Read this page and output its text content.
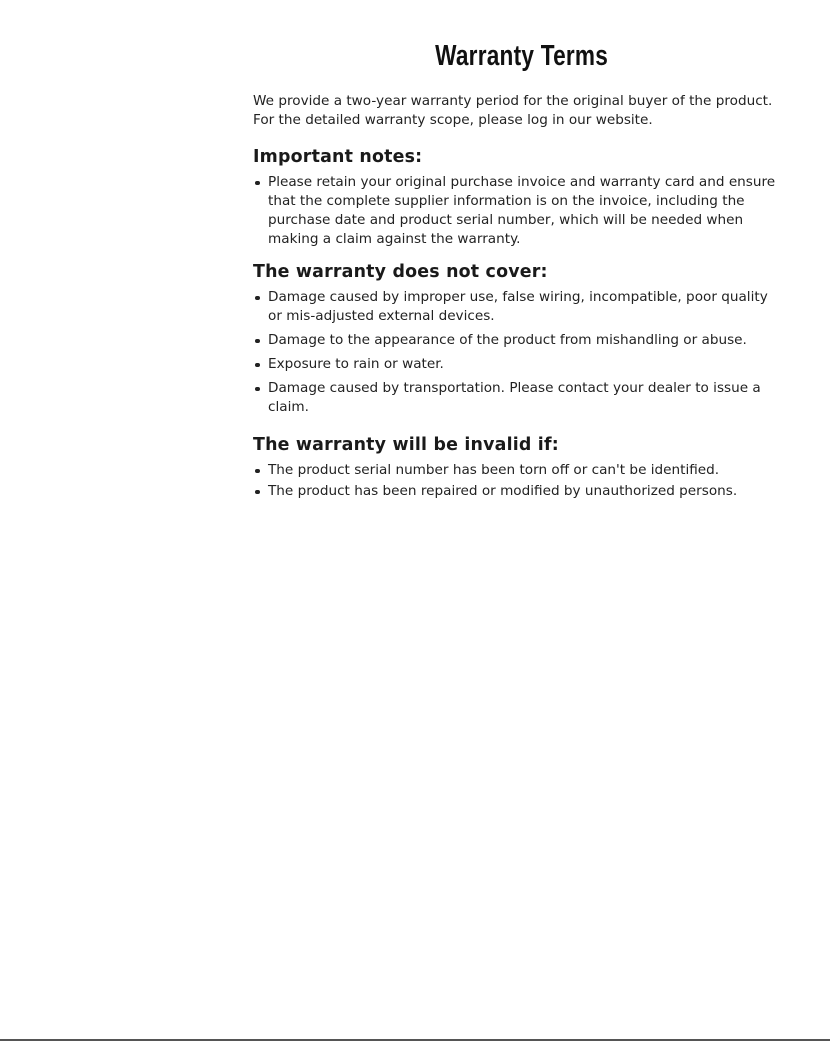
Warranty Terms

We provide a two-year warranty period for the original buyer of the product.

For the detailed warranty scope, please log in our website.

Important notes:
Please retain your original purchase invoice and warranty card and ensure
that the complete supplier information is on the invoice, including the
purchase date and product serial number, which will be needed when
making a claim against the warranty.
The warranty does not cover:
Damage caused by improper use, false wiring, incompatible, poor quality
or mis-adjusted external devices.
Damage to the appearance of the product from mishandling or abuse.
Exposure to rain or water.
Damage caused by transportation. Please contact your dealer to issue a
claim.
The warranty will be invalid if:
The product serial number has been torn off or can't be identified.
The product has been repaired or modified by unauthorized persons.
